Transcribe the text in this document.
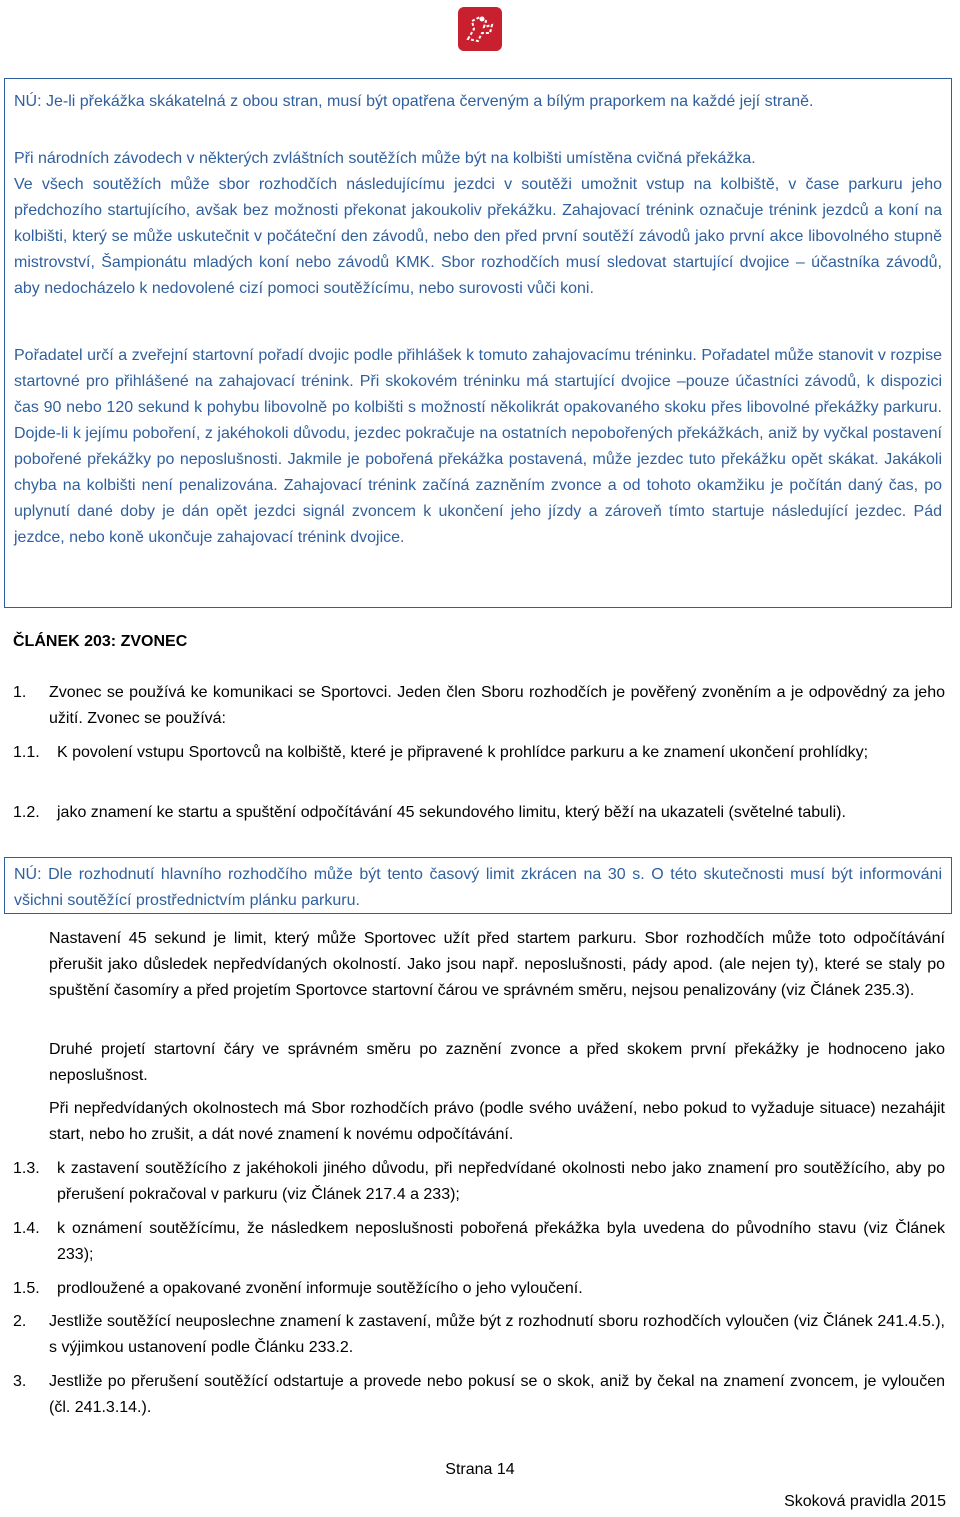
NÚ: Je-li překážka skákatelná z obou stran, musí být opatřena červeným a bílým praporkem na každé její straně.

Při národních závodech v některých zvláštních soutěžích může být na kolbišti umístěna cvičná překážka.

Ve všech soutěžích může sbor rozhodčích následujícímu jezdci v soutěži umožnit vstup na kolbiště, v čase parkuru jeho předchozího startujícího, avšak bez možnosti překonat jakoukoliv překážku. Zahajovací trénink označuje trénink jezdců a koní na kolbišti, který se může uskutečnit v počáteční den závodů, nebo den před první soutěží závodů jako první akce libovolného stupně mistrovství, Šampionátu mladých koní nebo závodů KMK. Sbor rozhodčích musí sledovat startující dvojice – účastníka závodů, aby nedocházelo k nedovolené cizí pomoci soutěžícímu, nebo surovosti vůči koni.

Pořadatel určí a zveřejní startovní pořadí dvojic podle přihlášek k tomuto zahajovacímu tréninku. Pořadatel může stanovit v rozpise startovné pro přihlášené na zahajovací trénink. Při skokovém tréninku má startující dvojice –pouze účastníci závodů, k dispozici čas 90 nebo 120 sekund k pohybu libovolně po kolbišti s možností několikrát opakovaného skoku přes libovolné překážky parkuru. Dojde-li k jejímu poboření, z jakéhokoli důvodu, jezdec pokračuje na ostatních nepobořených překážkách, aniž by vyčkal postavení pobořené překážky po neposlušnosti. Jakmile je pobořená překážka postavená, může jezdec tuto překážku opět skákat. Jakákoli chyba na kolbišti není penalizována. Zahajovací trénink začíná zazněním zvonce a od tohoto okamžiku je počítán daný čas, po uplynutí dané doby je dán opět jezdci signál zvoncem k ukončení jeho jízdy a zároveň tímto startuje následující jezdec. Pád jezdce, nebo koně ukončuje zahajovací trénink dvojice.

ČLÁNEK 203: ZVONEC

1.	Zvonec se používá ke komunikaci se Sportovci. Jeden člen Sboru rozhodčích je pověřený zvoněním a je odpovědný za jeho užití. Zvonec se používá:

1.1.	K povolení vstupu Sportovců na kolbiště, které je připravené k prohlídce parkuru a ke znamení ukončení prohlídky;

1.2.	jako znamení ke startu a spuštění odpočítávání 45 sekundového limitu, který běží na ukazateli (světelné tabuli).

NÚ: Dle rozhodnutí hlavního rozhodčího může být tento časový limit zkrácen na 30 s. O této skutečnosti musí být informováni všichni soutěžící prostřednictvím plánku parkuru.

Nastavení 45 sekund je limit, který může Sportovec užít před startem parkuru. Sbor rozhodčích může toto odpočítávání přerušit jako důsledek nepředvídaných okolností. Jako jsou např. neposlušnosti, pády apod. (ale nejen ty), které se staly po spuštění časomíry a před projetím Sportovce startovní čárou ve správném směru, nejsou penalizovány (viz Článek 235.3).

Druhé projetí startovní čáry ve správném směru po zaznění zvonce a před skokem první překážky je hodnoceno jako neposlušnost.

Při nepředvídaných okolnostech má Sbor rozhodčích právo (podle svého uvážení, nebo pokud to vyžaduje situace) nezahájit start, nebo ho zrušit, a dát nové znamení k novému odpočítávání.

1.3.	k zastavení soutěžícího z jakéhokoli jiného důvodu, při nepředvídané okolnosti nebo jako znamení pro soutěžícího, aby po přerušení pokračoval v parkuru (viz Článek 217.4 a 233);

1.4.	k oznámení soutěžícímu, že následkem neposlušnosti pobořená překážka byla uvedena do původního stavu (viz Článek 233);

1.5.	prodloužené a opakované zvonění informuje soutěžícího o jeho vyloučení.

2.	Jestliže soutěžící neuposlechne znamení k zastavení, může být z rozhodnutí sboru rozhodčích vyloučen (viz Článek 241.4.5.), s výjimkou ustanovení podle Článku 233.2.

3.	Jestliže po přerušení soutěžící odstartuje a provede nebo pokusí se o skok, aniž by čekal na znamení zvoncem, je vyloučen (čl. 241.3.14.).

Strana 14

Skoková pravidla 2015
